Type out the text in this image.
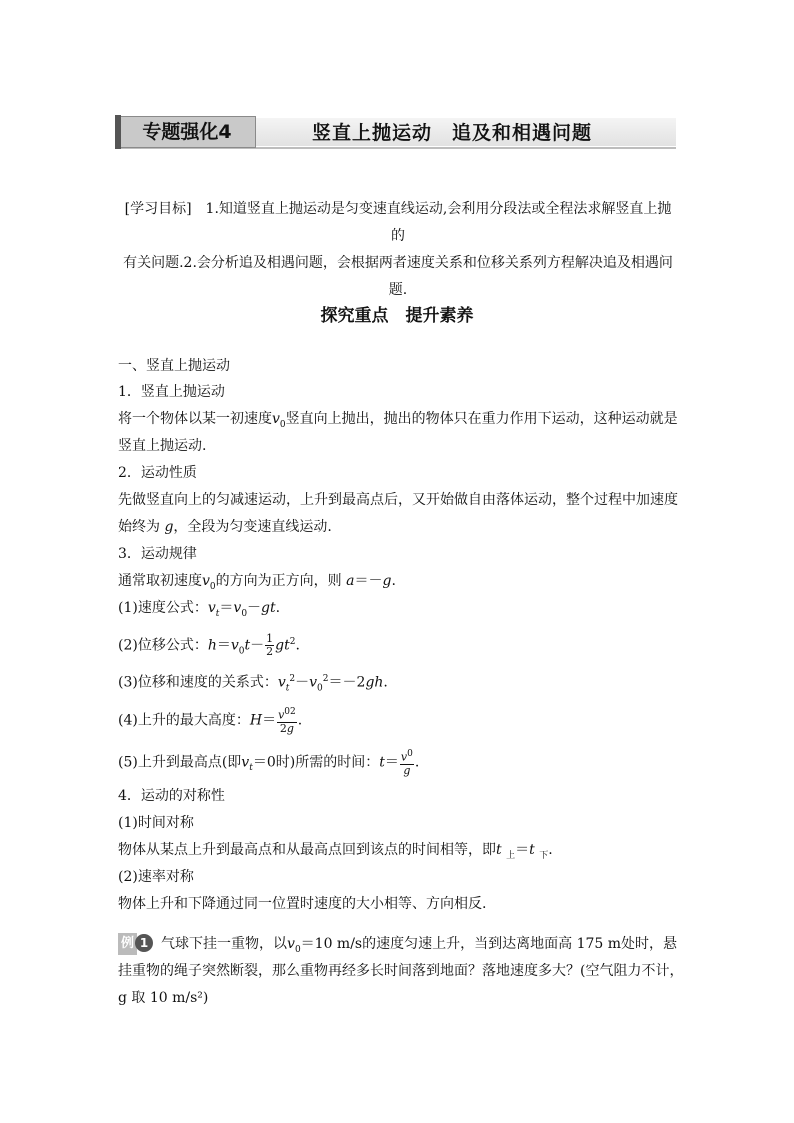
专题强化4	竖直上抛运动　追及和相遇问题
[学习目标]　1.知道竖直上抛运动是匀变速直线运动,会利用分段法或全程法求解竖直上抛的
有关问题.2.会分析追及相遇问题，会根据两者速度关系和位移关系列方程解决追及相遇问
题.
探究重点　提升素养
一、竖直上抛运动
1．竖直上抛运动
将一个物体以某一初速度$v_0$竖直向上抛出，抛出的物体只在重力作用下运动，这种运动就是
竖直上抛运动.
2．运动性质
先做竖直向上的匀减速运动，上升到最高点后，又开始做自由落体运动，整个过程中加速度
始终为 g，全段为匀变速直线运动.
3．运动规律
通常取初速度$v_0$的方向为正方向，则 a＝－g.
(1)速度公式：$v_t=v_0-gt$.
(2)位移公式：$h=v_0t- \frac{1}{2} gt^2$.
(3)位移和速度的关系式：$v_t^2-v_0^2=-2gh$.
(4)上升的最大高度：$H= \frac{v^{02}}{2g}$ .
(5)上升到最高点(即$v_t=0$时)所需的时间：$t= \frac{v^0}{g}$ .
4．运动的对称性
(1)时间对称
物体从某点上升到最高点和从最高点回到该点的时间相等，即t $_上$＝t $_下$.
(2)速率对称
物体上升和下降通过同一位置时速度的大小相等、方向相反.
例 1 气球下挂一重物，以$v_0=10$ m/s的速度匀速上升，当到达离地面高 175 m处时，悬
挂重物的绳子突然断裂，那么重物再经多长时间落到地面？落地速度多大？(空气阻力不计，
g 取 10 m/s²)
